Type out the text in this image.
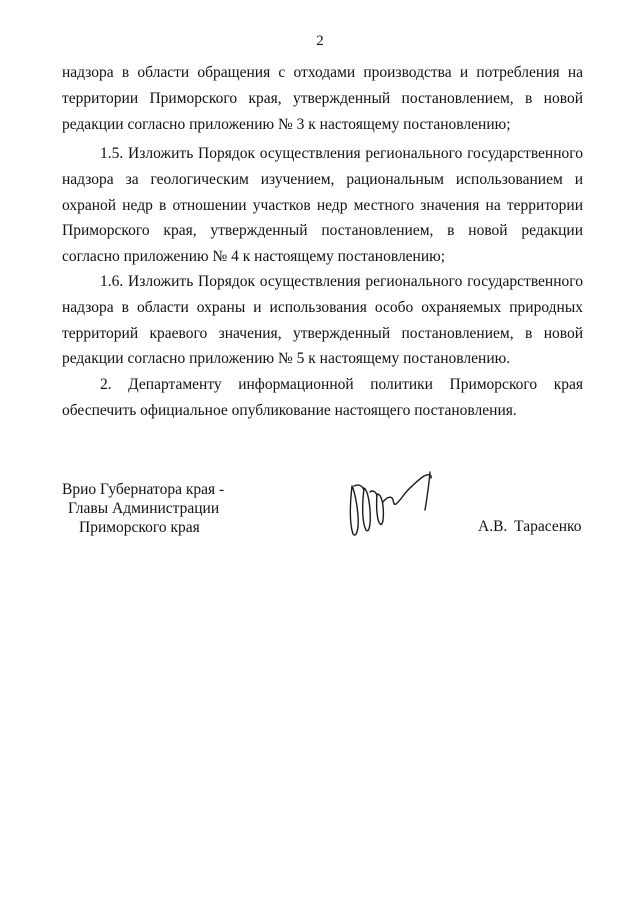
2

надзора в области обращения с отходами производства и потребления на территории Приморского края, утвержденный постановлением, в новой редакции согласно приложению № 3 к настоящему постановлению;

1.5. Изложить Порядок осуществления регионального государственного надзора за геологическим изучением, рациональным использованием и охраной недр в отношении участков недр местного значения на территории Приморского края, утвержденный постановлением, в новой редакции согласно приложению № 4 к настоящему постановлению;

1.6. Изложить Порядок осуществления регионального государственного надзора в области охраны и использования особо охраняемых природных территорий краевого значения, утвержденный постановлением, в новой редакции согласно приложению № 5 к настоящему постановлению.

2. Департаменту информационной политики Приморского края обеспечить официальное опубликование настоящего постановления.

Врио Губернатора края -
Главы Администрации
Приморского края	А.В. Тарасенко
